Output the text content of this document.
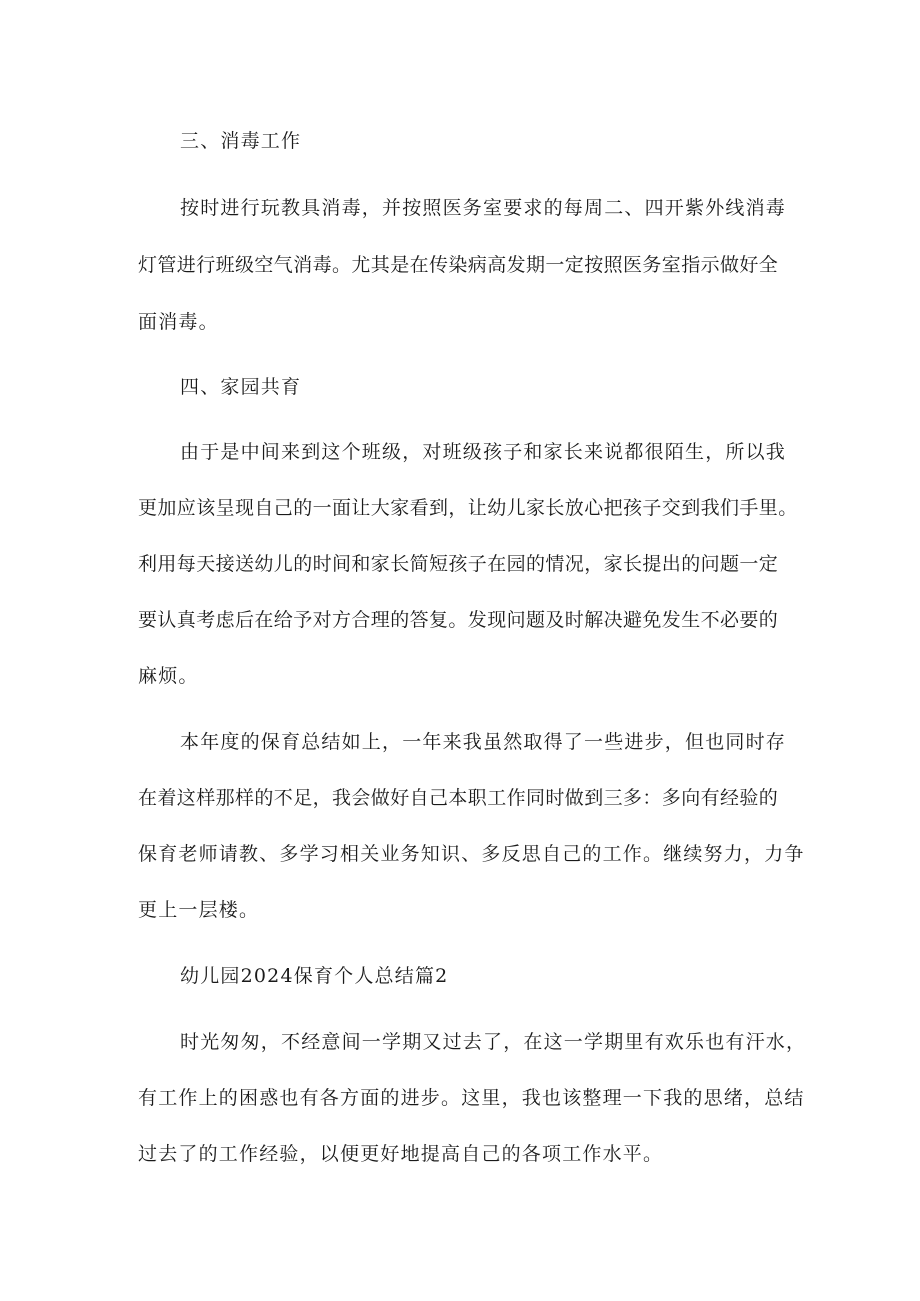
三、消毒工作
按时进行玩教具消毒，并按照医务室要求的每周二、四开紫外线消毒
灯管进行班级空气消毒。尤其是在传染病高发期一定按照医务室指示做好全
面消毒。
四、家园共育
由于是中间来到这个班级，对班级孩子和家长来说都很陌生，所以我
更加应该呈现自己的一面让大家看到，让幼儿家长放心把孩子交到我们手里。
利用每天接送幼儿的时间和家长简短孩子在园的情况，家长提出的问题一定
要认真考虑后在给予对方合理的答复。发现问题及时解决避免发生不必要的
麻烦。
本年度的保育总结如上，一年来我虽然取得了一些进步，但也同时存
在着这样那样的不足，我会做好自己本职工作同时做到三多：多向有经验的
保育老师请教、多学习相关业务知识、多反思自己的工作。继续努力，力争
更上一层楼。
幼儿园2024保育个人总结篇2
时光匆匆，不经意间一学期又过去了，在这一学期里有欢乐也有汗水，
有工作上的困惑也有各方面的进步。这里，我也该整理一下我的思绪，总结
过去了的工作经验，以便更好地提高自己的各项工作水平。
